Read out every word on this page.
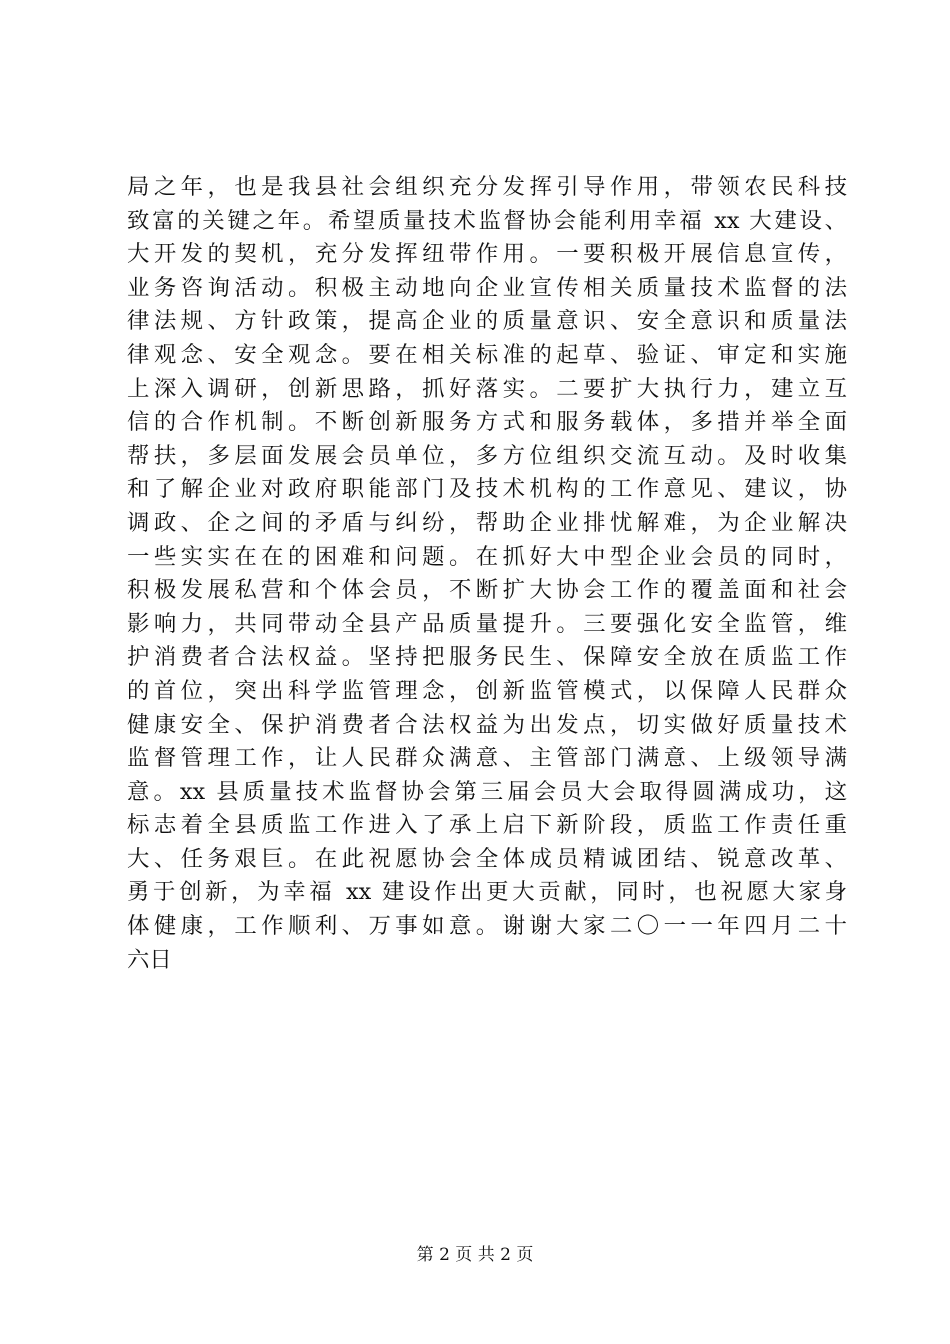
局之年，也是我县社会组织充分发挥引导作用，带领农民科技
致富的关键之年。希望质量技术监督协会能利用幸福 xx 大建设、
大开发的契机，充分发挥纽带作用。一要积极开展信息宣传，
业务咨询活动。积极主动地向企业宣传相关质量技术监督的法
律法规、方针政策，提高企业的质量意识、安全意识和质量法
律观念、安全观念。要在相关标准的起草、验证、审定和实施
上深入调研，创新思路，抓好落实。二要扩大执行力，建立互
信的合作机制。不断创新服务方式和服务载体，多措并举全面
帮扶，多层面发展会员单位，多方位组织交流互动。及时收集
和了解企业对政府职能部门及技术机构的工作意见、建议，协
调政、企之间的矛盾与纠纷，帮助企业排忧解难，为企业解决
一些实实在在的困难和问题。在抓好大中型企业会员的同时，
积极发展私营和个体会员，不断扩大协会工作的覆盖面和社会
影响力，共同带动全县产品质量提升。三要强化安全监管，维
护消费者合法权益。坚持把服务民生、保障安全放在质监工作
的首位，突出科学监管理念，创新监管模式，以保障人民群众
健康安全、保护消费者合法权益为出发点，切实做好质量技术
监督管理工作，让人民群众满意、主管部门满意、上级领导满
意。xx 县质量技术监督协会第三届会员大会取得圆满成功，这
标志着全县质监工作进入了承上启下新阶段，质监工作责任重
大、任务艰巨。在此祝愿协会全体成员精诚团结、锐意改革、
勇于创新，为幸福 xx 建设作出更大贡献，同时，也祝愿大家身
体健康，工作顺利、万事如意。谢谢大家二〇一一年四月二十
六日
第 2 页 共 2 页
